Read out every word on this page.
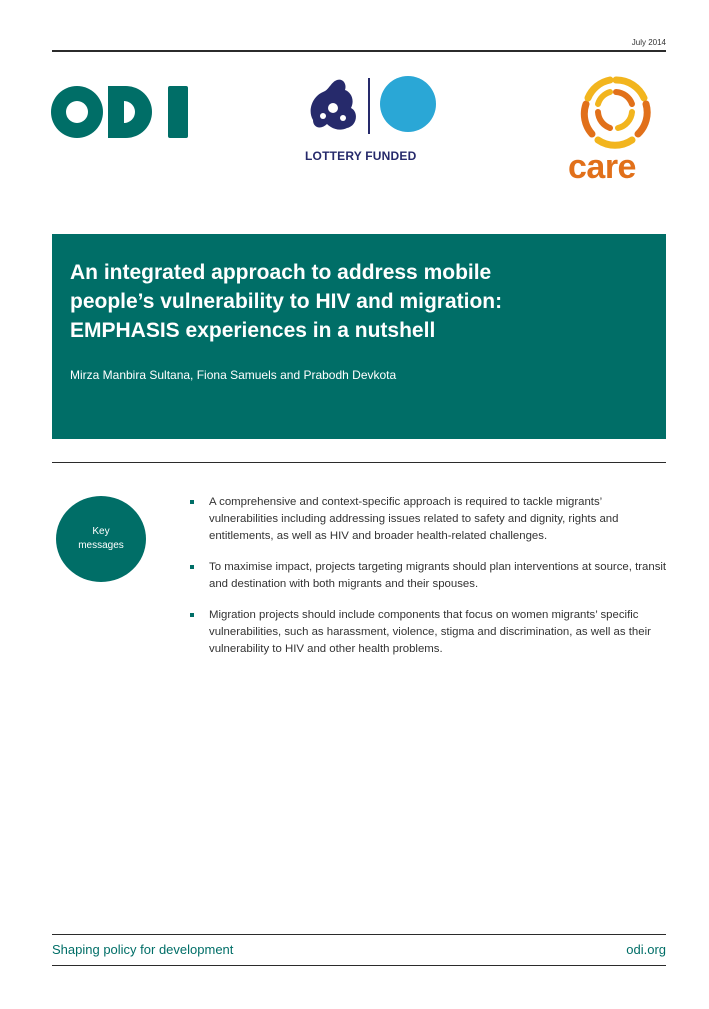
July 2014
LOTTERY FUNDED	care
An integrated approach to address mobile
people’s vulnerability to HIV and migration:
EMPHASIS experiences in a nutshell
Mirza Manbira Sultana, Fiona Samuels and Prabodh Devkota
Key
messages
A comprehensive and context-specific approach is required to tackle migrants’ vulnerabilities including addressing issues related to safety and dignity, rights and entitlements, as well as HIV and broader health-related challenges.
To maximise impact, projects targeting migrants should plan interventions at source, transit and destination with both migrants and their spouses.
Migration projects should include components that focus on women migrants’ specific vulnerabilities, such as harassment, violence, stigma and discrimination, as well as their vulnerability to HIV and other health problems.
Shaping policy for development	odi.org
